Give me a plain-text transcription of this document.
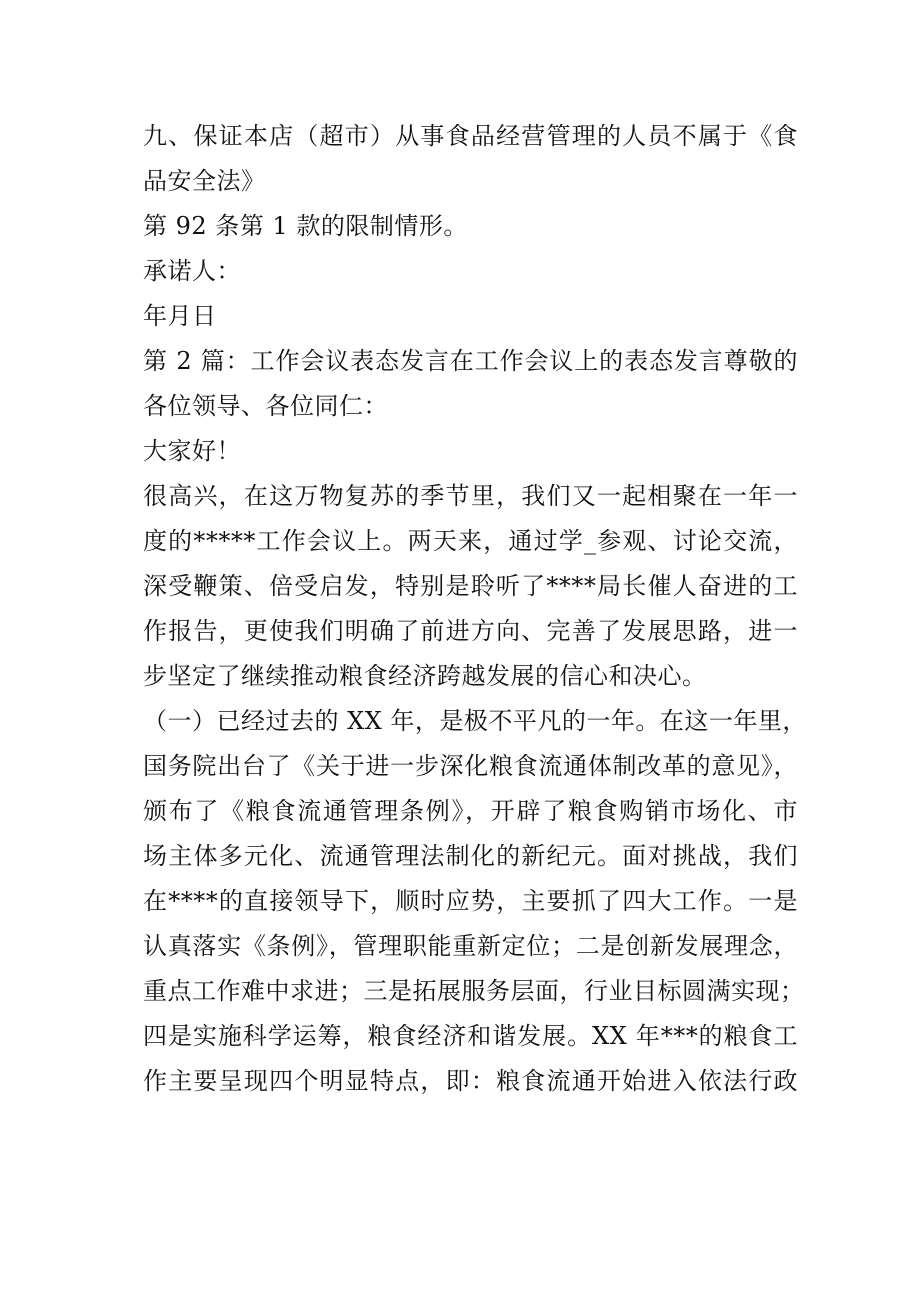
九、保证本店（超市）从事食品经营管理的人员不属于《食
品安全法》
第 92 条第 1 款的限制情形。
承诺人：
年月日
第 2 篇：工作会议表态发言在工作会议上的表态发言尊敬的
各位领导、各位同仁：
大家好！
很高兴，在这万物复苏的季节里，我们又一起相聚在一年一
度的*****工作会议上。两天来，通过学_参观、讨论交流，
深受鞭策、倍受启发，特别是聆听了****局长催人奋进的工
作报告，更使我们明确了前进方向、完善了发展思路，进一
步坚定了继续推动粮食经济跨越发展的信心和决心。
（一）已经过去的 XX 年，是极不平凡的一年。在这一年里，
国务院出台了《关于进一步深化粮食流通体制改革的意见》，
颁布了《粮食流通管理条例》，开辟了粮食购销市场化、市
场主体多元化、流通管理法制化的新纪元。面对挑战，我们
在****的直接领导下，顺时应势，主要抓了四大工作。一是
认真落实《条例》，管理职能重新定位；二是创新发展理念，
重点工作难中求进；三是拓展服务层面，行业目标圆满实现；
四是实施科学运筹，粮食经济和谐发展。XX 年***的粮食工
作主要呈现四个明显特点，即：粮食流通开始进入依法行政
